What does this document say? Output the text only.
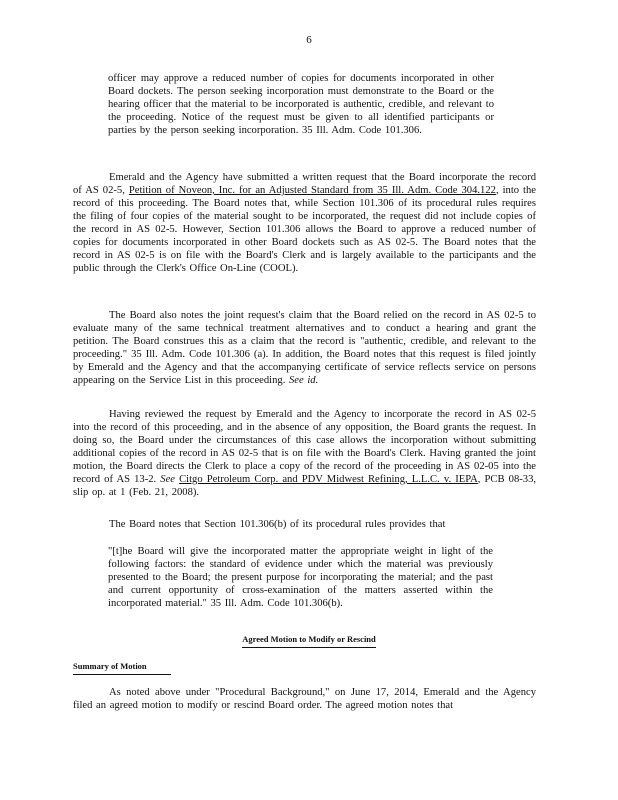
6

officer may approve a reduced number of copies for documents incorporated in other Board dockets. The person seeking incorporation must demonstrate to the Board or the hearing officer that the material to be incorporated is authentic, credible, and relevant to the proceeding. Notice of the request must be given to all identified participants or parties by the person seeking incorporation. 35 Ill. Adm. Code 101.306.

Emerald and the Agency have submitted a written request that the Board incorporate the record of AS 02-5, Petition of Noveon, Inc. for an Adjusted Standard from 35 Ill. Adm. Code 304.122, into the record of this proceeding. The Board notes that, while Section 101.306 of its procedural rules requires the filing of four copies of the material sought to be incorporated, the request did not include copies of the record in AS 02-5. However, Section 101.306 allows the Board to approve a reduced number of copies for documents incorporated in other Board dockets such as AS 02-5. The Board notes that the record in AS 02-5 is on file with the Board's Clerk and is largely available to the participants and the public through the Clerk's Office On-Line (COOL).

The Board also notes the joint request's claim that the Board relied on the record in AS 02-5 to evaluate many of the same technical treatment alternatives and to conduct a hearing and grant the petition. The Board construes this as a claim that the record is "authentic, credible, and relevant to the proceeding." 35 Ill. Adm. Code 101.306 (a). In addition, the Board notes that this request is filed jointly by Emerald and the Agency and that the accompanying certificate of service reflects service on persons appearing on the Service List in this proceeding. See id.

Having reviewed the request by Emerald and the Agency to incorporate the record in AS 02-5 into the record of this proceeding, and in the absence of any opposition, the Board grants the request. In doing so, the Board under the circumstances of this case allows the incorporation without submitting additional copies of the record in AS 02-5 that is on file with the Board's Clerk. Having granted the joint motion, the Board directs the Clerk to place a copy of the record of the proceeding in AS 02-05 into the record of AS 13-2. See Citgo Petroleum Corp. and PDV Midwest Refining, L.L.C. v. IEPA, PCB 08-33, slip op. at 1 (Feb. 21, 2008).

The Board notes that Section 101.306(b) of its procedural rules provides that

"[t]he Board will give the incorporated matter the appropriate weight in light of the following factors: the standard of evidence under which the material was previously presented to the Board; the present purpose for incorporating the material; and the past and current opportunity of cross-examination of the matters asserted within the incorporated material." 35 Ill. Adm. Code 101.306(b).

Agreed Motion to Modify or Rescind
Summary of Motion

As noted above under "Procedural Background," on June 17, 2014, Emerald and the Agency filed an agreed motion to modify or rescind Board order. The agreed motion notes that
